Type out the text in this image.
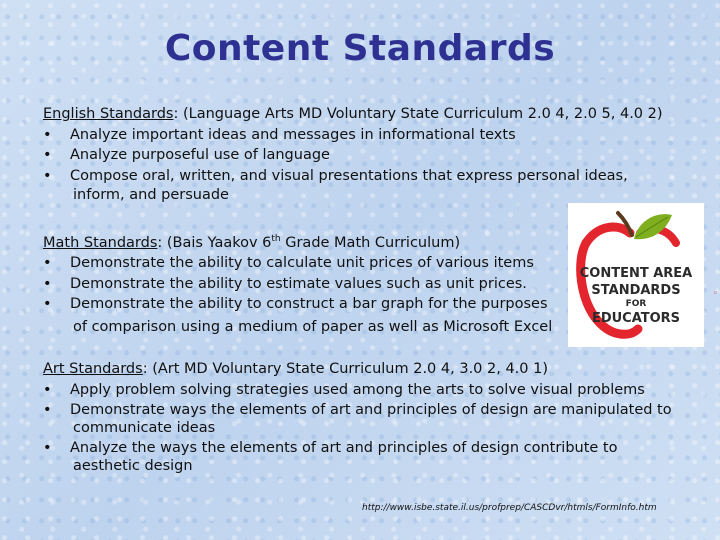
Content Standards
English Standards: (Language Arts MD Voluntary State Curriculum 2.0 4, 2.0 5, 4.0 2)
• Analyze important ideas and messages in informational texts
• Analyze purposeful use of language
• Compose oral, written, and visual presentations that express personal ideas,
inform, and persuade
Math Standards: (Bais Yaakov 6th Grade Math Curriculum)
• Demonstrate the ability to calculate unit prices of various items
• Demonstrate the ability to estimate values such as unit prices.
• Demonstrate the ability to construct a bar graph for the purposes
of comparison using a medium of paper as well as Microsoft Excel
Art Standards: (Art MD Voluntary State Curriculum 2.0 4, 3.0 2, 4.0 1)
• Apply problem solving strategies used among the arts to solve visual problems
• Demonstrate ways the elements of art and principles of design are manipulated to
communicate ideas
• Analyze the ways the elements of art and principles of design contribute to
aesthetic design
CONTENT AREA
STANDARDS
FOR
EDUCATORS
◦
http://www.isbe.state.il.us/profprep/CASCDvr/htmls/FormInfo.htm
